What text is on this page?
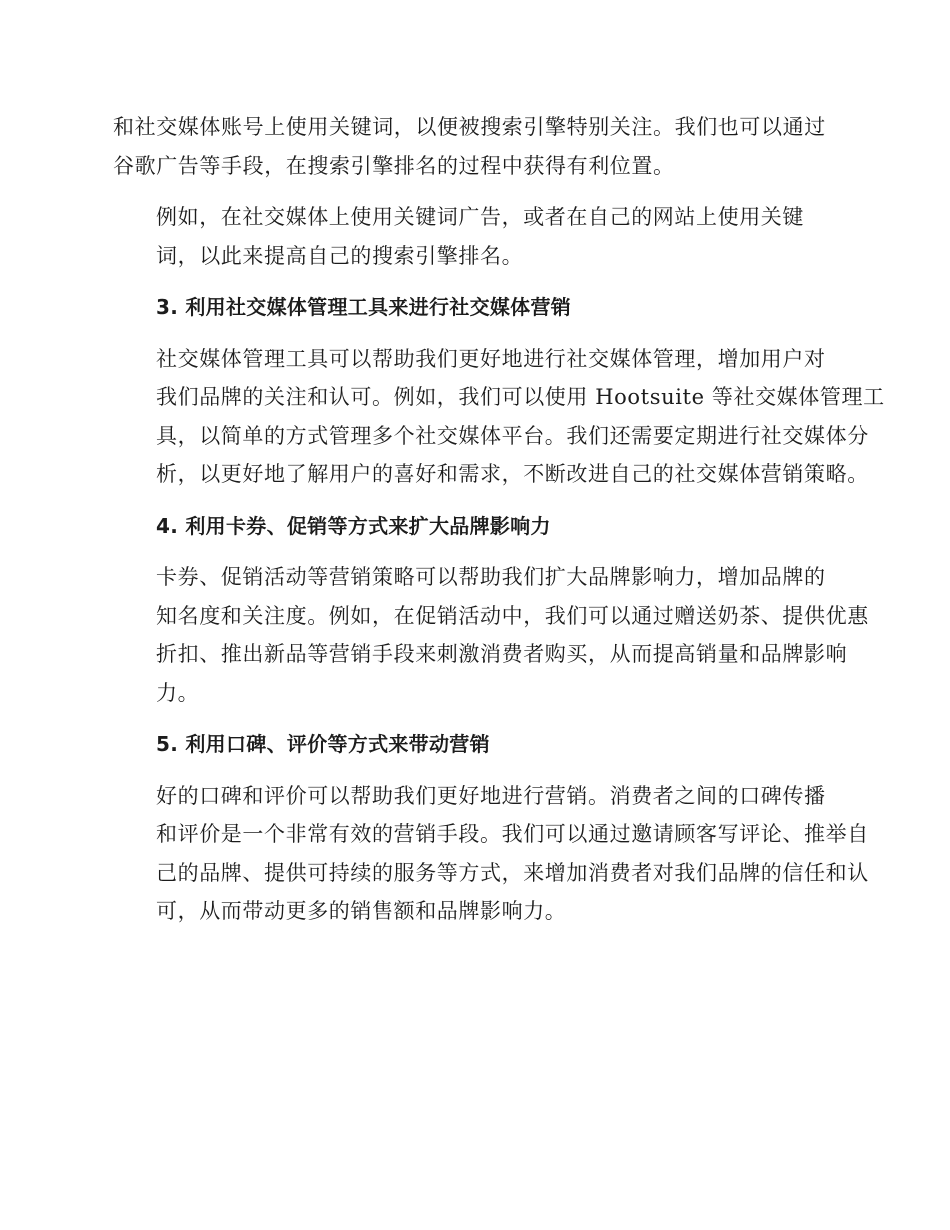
和社交媒体账号上使用关键词，以便被搜索引擎特别关注。我们也可以通过
谷歌广告等手段，在搜索引擎排名的过程中获得有利位置。

例如，在社交媒体上使用关键词广告，或者在自己的网站上使用关键
词，以此来提高自己的搜索引擎排名。

3. 利用社交媒体管理工具来进行社交媒体营销

社交媒体管理工具可以帮助我们更好地进行社交媒体管理，增加用户对
我们品牌的关注和认可。例如，我们可以使用 Hootsuite 等社交媒体管理工
具，以简单的方式管理多个社交媒体平台。我们还需要定期进行社交媒体分
析，以更好地了解用户的喜好和需求，不断改进自己的社交媒体营销策略。

4. 利用卡券、促销等方式来扩大品牌影响力

卡券、促销活动等营销策略可以帮助我们扩大品牌影响力，增加品牌的
知名度和关注度。例如，在促销活动中，我们可以通过赠送奶茶、提供优惠
折扣、推出新品等营销手段来刺激消费者购买，从而提高销量和品牌影响
力。

5. 利用口碑、评价等方式来带动营销

好的口碑和评价可以帮助我们更好地进行营销。消费者之间的口碑传播
和评价是一个非常有效的营销手段。我们可以通过邀请顾客写评论、推举自
己的品牌、提供可持续的服务等方式，来增加消费者对我们品牌的信任和认
可，从而带动更多的销售额和品牌影响力。
